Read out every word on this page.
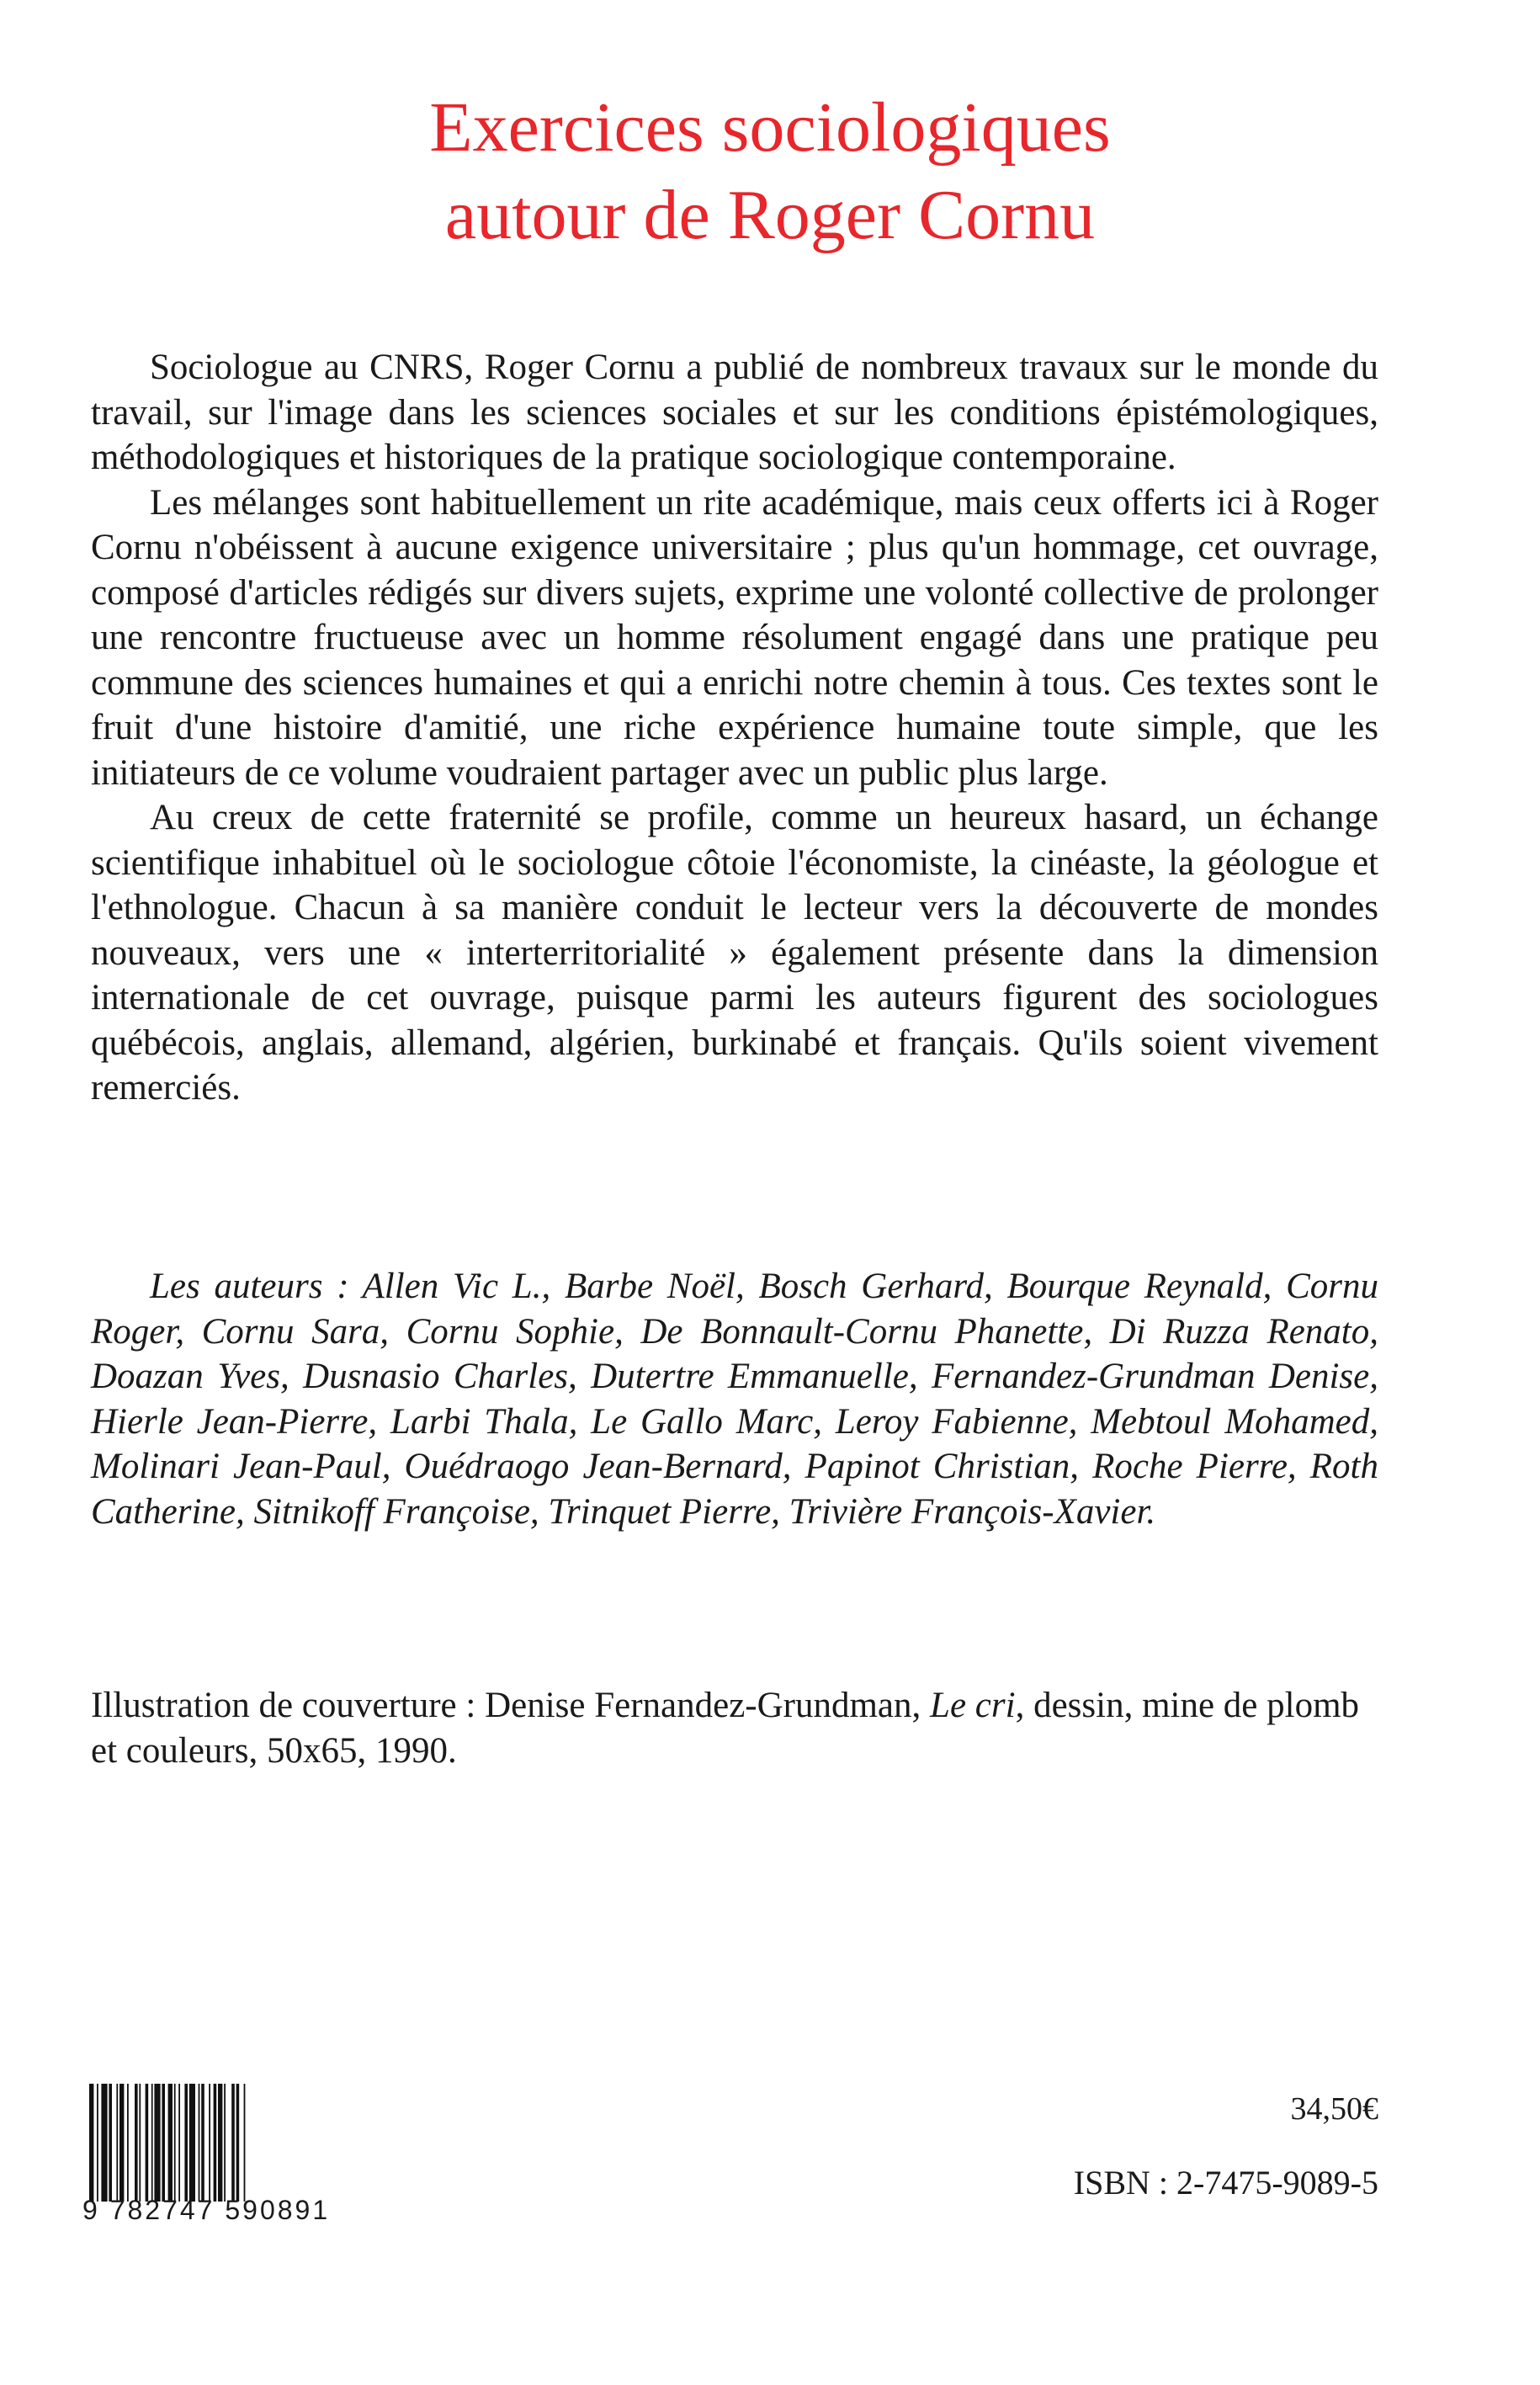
Exercices sociologiques
autour de Roger Cornu

Sociologue au CNRS, Roger Cornu a publié de nombreux travaux sur le monde du travail, sur l'image dans les sciences sociales et sur les conditions épistémologiques, méthodologiques et historiques de la pratique sociologique contemporaine.

Les mélanges sont habituellement un rite académique, mais ceux offerts ici à Roger Cornu n'obéissent à aucune exigence universitaire ; plus qu'un hommage, cet ouvrage, composé d'articles rédigés sur divers sujets, exprime une volonté collective de prolonger une rencontre fructueuse avec un homme résolument engagé dans une pratique peu commune des sciences humaines et qui a enrichi notre chemin à tous. Ces textes sont le fruit d'une histoire d'amitié, une riche expérience humaine toute simple, que les initiateurs de ce volume voudraient partager avec un public plus large.

Au creux de cette fraternité se profile, comme un heureux hasard, un échange scientifique inhabituel où le sociologue côtoie l'économiste, la cinéaste, la géologue et l'ethnologue. Chacun à sa manière conduit le lecteur vers la découverte de mondes nouveaux, vers une « interterritorialité » également présente dans la dimension internationale de cet ouvrage, puisque parmi les auteurs figurent des sociologues québécois, anglais, allemand, algérien, burkinabé et français. Qu'ils soient vivement remerciés.

Les auteurs : Allen Vic L., Barbe Noël, Bosch Gerhard, Bourque Reynald, Cornu Roger, Cornu Sara, Cornu Sophie, De Bonnault-Cornu Phanette, Di Ruzza Renato, Doazan Yves, Dusnasio Charles, Dutertre Emmanuelle, Fernandez-Grundman Denise, Hierle Jean-Pierre, Larbi Thala, Le Gallo Marc, Leroy Fabienne, Mebtoul Mohamed, Molinari Jean-Paul, Ouédraogo Jean-Bernard, Papinot Christian, Roche Pierre, Roth Catherine, Sitnikoff Françoise, Trinquet Pierre, Trivière François-Xavier.
Illustration de couverture : Denise Fernandez-Grundman, Le cri, dessin, mine de plomb et couleurs, 50x65, 1990.
9 782747 590891
34,50€
ISBN : 2-7475-9089-5
